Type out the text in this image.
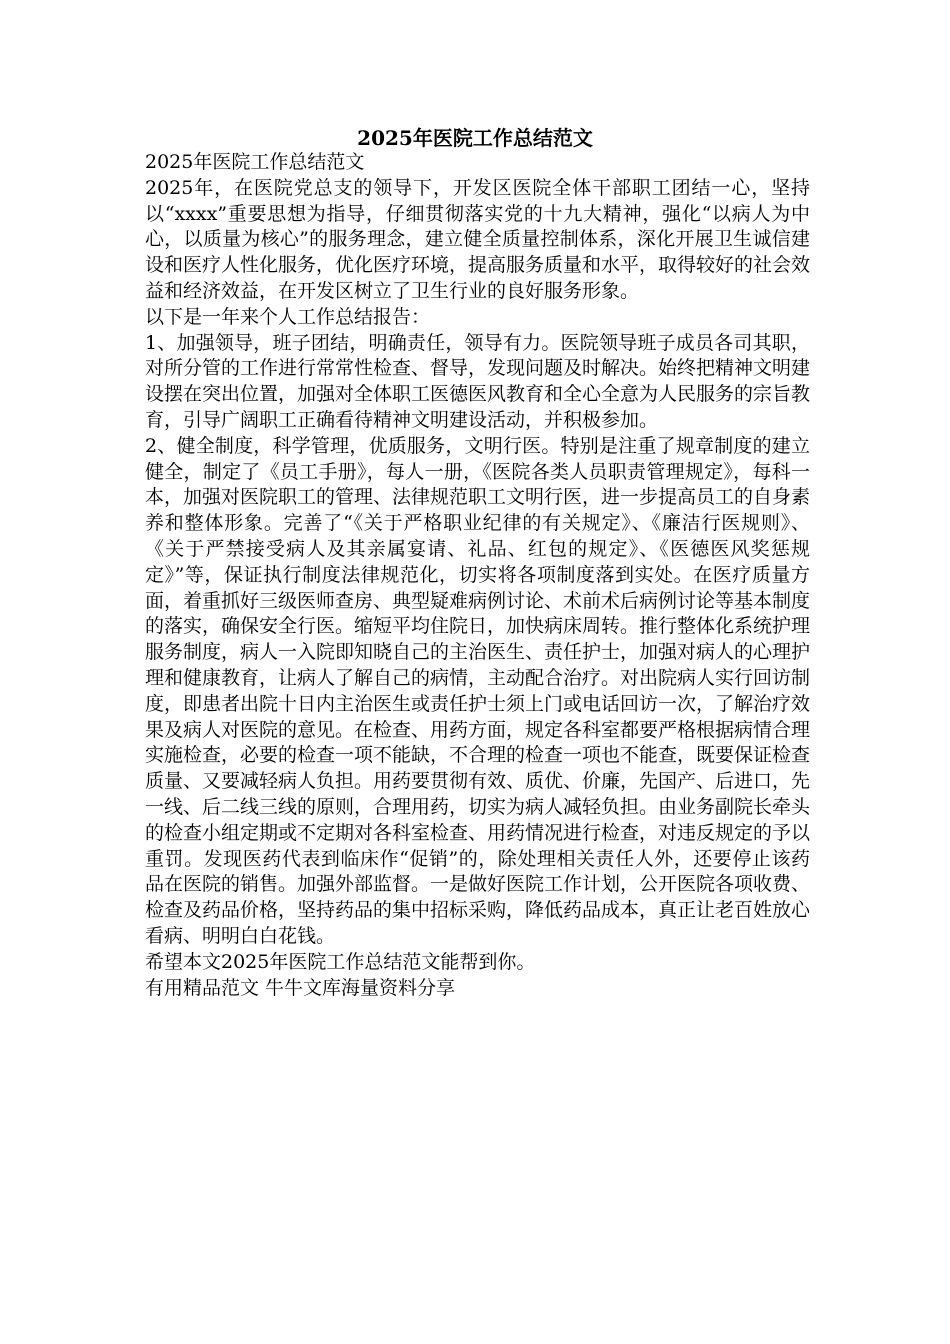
2025年医院工作总结范文

2025年医院工作总结范文

2025年，在医院党总支的领导下，开发区医院全体干部职工团结一心，坚持以“xxxx”重要思想为指导，仔细贯彻落实党的十九大精神，强化“以病人为中心，以质量为核心”的服务理念，建立健全质量控制体系，深化开展卫生诚信建设和医疗人性化服务，优化医疗环境，提高服务质量和水平，取得较好的社会效益和经济效益，在开发区树立了卫生行业的良好服务形象。

以下是一年来个人工作总结报告：

1、加强领导，班子团结，明确责任，领导有力。医院领导班子成员各司其职，对所分管的工作进行常常性检查、督导，发现问题及时解决。始终把精神文明建设摆在突出位置，加强对全体职工医德医风教育和全心全意为人民服务的宗旨教育，引导广阔职工正确看待精神文明建设活动，并积极参加。

2、健全制度，科学管理，优质服务，文明行医。特别是注重了规章制度的建立健全，制定了《员工手册》，每人一册，《医院各类人员职责管理规定》，每科一本，加强对医院职工的管理、法律规范职工文明行医，进一步提高员工的自身素养和整体形象。完善了“《关于严格职业纪律的有关规定》、《廉洁行医规则》、《关于严禁接受病人及其亲属宴请、礼品、红包的规定》、《医德医风奖惩规定》”等，保证执行制度法律规范化，切实将各项制度落到实处。在医疗质量方面，着重抓好三级医师查房、典型疑难病例讨论、术前术后病例讨论等基本制度的落实，确保安全行医。缩短平均住院日，加快病床周转。推行整体化系统护理服务制度，病人一入院即知晓自己的主治医生、责任护士，加强对病人的心理护理和健康教育，让病人了解自己的病情，主动配合治疗。对出院病人实行回访制度，即患者出院十日内主治医生或责任护士须上门或电话回访一次，了解治疗效果及病人对医院的意见。在检查、用药方面，规定各科室都要严格根据病情合理实施检查，必要的检查一项不能缺，不合理的检查一项也不能查，既要保证检查质量、又要减轻病人负担。用药要贯彻有效、质优、价廉，先国产、后进口，先一线、后二线三线的原则，合理用药，切实为病人减轻负担。由业务副院长牵头的检查小组定期或不定期对各科室检查、用药情况进行检查，对违反规定的予以重罚。发现医药代表到临床作“促销”的，除处理相关责任人外，还要停止该药品在医院的销售。加强外部监督。一是做好医院工作计划，公开医院各项收费、检查及药品价格，坚持药品的集中招标采购，降低药品成本，真正让老百姓放心看病、明明白白花钱。

希望本文2025年医院工作总结范文能帮到你。

有用精品范文 牛牛文库海量资料分享
